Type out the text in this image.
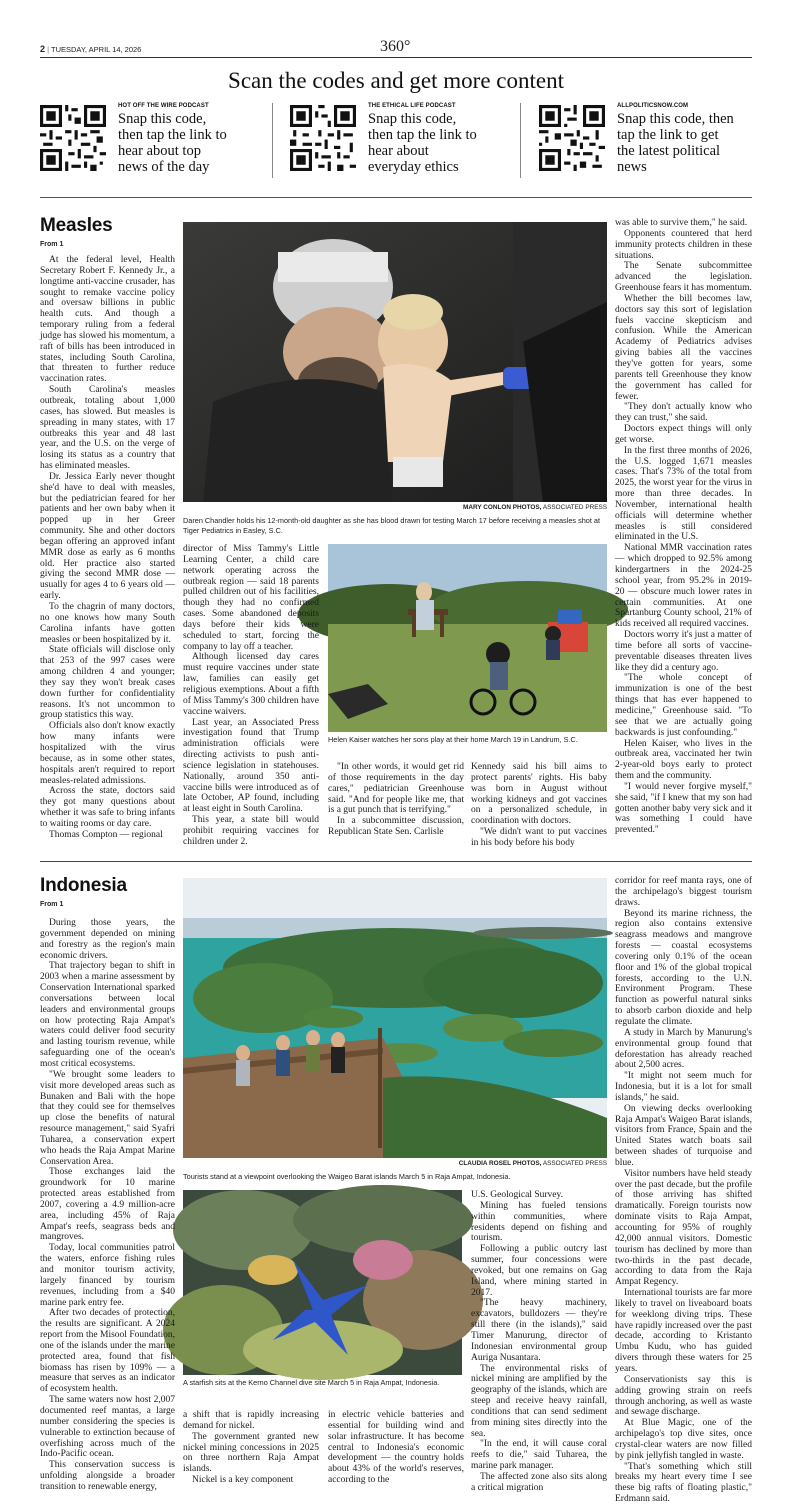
2 | TUESDAY, APRIL 14, 2026	360°
Scan the codes and get more content
HOT OFF THE WIRE PODCAST
Snap this code, then tap the link to hear about top news of the day
THE ETHICAL LIFE PODCAST
Snap this code, then tap the link to hear about everyday ethics
ALLPOLITICSNOW.COM
Snap this code, then tap the link to get the latest political news
Measles
From 1
MARY CONLON PHOTOS, ASSOCIATED PRESS
Daren Chandler holds his 12-month-old daughter as she has blood drawn for testing March 17 before receiving a measles shot at Tiger Pediatrics in Easley, S.C.
Helen Kaiser watches her sons play at their home March 19 in Landrum, S.C.

At the federal level, Health Secretary Robert F. Kennedy Jr., a longtime anti-vaccine crusader, has sought to remake vaccine policy and oversaw billions in public health cuts. And though a temporary ruling from a federal judge has slowed his momentum, a raft of bills has been introduced in states, including South Carolina, that threaten to further reduce vaccination rates.

South Carolina's measles outbreak, totaling about 1,000 cases, has slowed. But measles is spreading in many states, with 17 outbreaks this year and 48 last year, and the U.S. on the verge of losing its status as a country that has eliminated measles.

Dr. Jessica Early never thought she'd have to deal with measles, but the pediatrician feared for her patients and her own baby when it popped up in her Greer community. She and other doctors began offering an approved infant MMR dose as early as 6 months old. Her practice also started giving the second MMR dose — usually for ages 4 to 6 years old — early.

To the chagrin of many doctors, no one knows how many South Carolina infants have gotten measles or been hospitalized by it.

State officials will disclose only that 253 of the 997 cases were among children 4 and younger; they say they won't break cases down further for confidentiality reasons. It's not uncommon to group statistics this way.

Officials also don't know exactly how many infants were hospitalized with the virus because, as in some other states, hospitals aren't required to report measles-related admissions.

Across the state, doctors said they got many questions about whether it was safe to bring infants to waiting rooms or day care.

Thomas Compton — regional

director of Miss Tammy's Little Learning Center, a child care network operating across the outbreak region — said 18 parents pulled children out of his facilities, though they had no confirmed cases. Some abandoned deposits days before their kids were scheduled to start, forcing the company to lay off a teacher.

Although licensed day cares must require vaccines under state law, families can easily get religious exemptions. About a fifth of Miss Tammy's 300 children have vaccine waivers.

Last year, an Associated Press investigation found that Trump administration officials were directing activists to push anti-science legislation in statehouses. Nationally, around 350 anti-vaccine bills were introduced as of late October, AP found, including at least eight in South Carolina.

This year, a state bill would prohibit requiring vaccines for children under 2.

"In other words, it would get rid of those requirements in the day cares," pediatrician Greenhouse said. "And for people like me, that is a gut punch that is terrifying."

In a subcommittee discussion, Republican State Sen. Carlisle

Kennedy said his bill aims to protect parents' rights. His baby was born in August without working kidneys and got vaccines on a personalized schedule, in coordination with doctors.

"We didn't want to put vaccines in his body before his body

was able to survive them," he said.

Opponents countered that herd immunity protects children in these situations.

The Senate subcommittee advanced the legislation. Greenhouse fears it has momentum.

Whether the bill becomes law, doctors say this sort of legislation fuels vaccine skepticism and confusion. While the American Academy of Pediatrics advises giving babies all the vaccines they've gotten for years, some parents tell Greenhouse they know the government has called for fewer.

"They don't actually know who they can trust," she said.

Doctors expect things will only get worse.

In the first three months of 2026, the U.S. logged 1,671 measles cases. That's 73% of the total from 2025, the worst year for the virus in more than three decades. In November, international health officials will determine whether measles is still considered eliminated in the U.S.

National MMR vaccination rates — which dropped to 92.5% among kindergartners in the 2024-25 school year, from 95.2% in 2019-20 — obscure much lower rates in certain communities. At one Spartanburg County school, 21% of kids received all required vaccines.

Doctors worry it's just a matter of time before all sorts of vaccine-preventable diseases threaten lives like they did a century ago.

"The whole concept of immunization is one of the best things that has ever happened to medicine," Greenhouse said. "To see that we are actually going backwards is just confounding."

Helen Kaiser, who lives in the outbreak area, vaccinated her twin 2-year-old boys early to protect them and the community.

"I would never forgive myself," she said, "if I knew that my son had gotten another baby very sick and it was something I could have prevented."

Indonesia
From 1
CLAUDIA ROSEL PHOTOS, ASSOCIATED PRESS
Tourists stand at a viewpoint overlooking the Waigeo Barat islands March 5 in Raja Ampat, Indonesia.
A starfish sits at the Kerno Channel dive site March 5 in Raja Ampat, Indonesia.

During those years, the government depended on mining and forestry as the region's main economic drivers.

That trajectory began to shift in 2003 when a marine assessment by Conservation International sparked conversations between local leaders and environmental groups on how protecting Raja Ampat's waters could deliver food security and lasting tourism revenue, while safeguarding one of the ocean's most critical ecosystems.

"We brought some leaders to visit more developed areas such as Bunaken and Bali with the hope that they could see for themselves up close the benefits of natural resource management," said Syafri Tuharea, a conservation expert who heads the Raja Ampat Marine Conservation Area.

Those exchanges laid the groundwork for 10 marine protected areas established from 2007, covering a 4.9 million-acre area, including 45% of Raja Ampat's reefs, seagrass beds and mangroves.

Today, local communities patrol the waters, enforce fishing rules and monitor tourism activity, largely financed by tourism revenues, including from a $40 marine park entry fee.

After two decades of protection, the results are significant. A 2024 report from the Misool Foundation, one of the islands under the marine protected area, found that fish biomass has risen by 109% — a measure that serves as an indicator of ecosystem health.

The same waters now host 2,007 documented reef mantas, a large number considering the species is vulnerable to extinction because of overfishing across much of the Indo-Pacific ocean.

This conservation success is unfolding alongside a broader transition to renewable energy,

a shift that is rapidly increasing demand for nickel.

The government granted new nickel mining concessions in 2025 on three northern Raja Ampat islands.

Nickel is a key component

in electric vehicle batteries and essential for building wind and solar infrastructure. It has become central to Indonesia's economic development — the country holds about 43% of the world's reserves, according to the

U.S. Geological Survey.

Mining has fueled tensions within communities, where residents depend on fishing and tourism.

Following a public outcry last summer, four concessions were revoked, but one remains on Gag Island, where mining started in 2017.

"The heavy machinery, excavators, bulldozers — they're still there (in the islands)," said Timer Manurung, director of Indonesian environmental group Auriga Nusantara.

The environmental risks of nickel mining are amplified by the geography of the islands, which are steep and receive heavy rainfall, conditions that can send sediment from mining sites directly into the sea.

"In the end, it will cause coral reefs to die," said Tuharea, the marine park manager.

The affected zone also sits along a critical migration

corridor for reef manta rays, one of the archipelago's biggest tourism draws.

Beyond its marine richness, the region also contains extensive seagrass meadows and mangrove forests — coastal ecosystems covering only 0.1% of the ocean floor and 1% of the global tropical forests, according to the U.N. Environment Program. These function as powerful natural sinks to absorb carbon dioxide and help regulate the climate.

A study in March by Manurung's environmental group found that deforestation has already reached about 2,500 acres.

"It might not seem much for Indonesia, but it is a lot for small islands," he said.

On viewing decks overlooking Raja Ampat's Waigeo Barat islands, visitors from France, Spain and the United States watch boats sail between shades of turquoise and blue.

Visitor numbers have held steady over the past decade, but the profile of those arriving has shifted dramatically. Foreign tourists now dominate visits to Raja Ampat, accounting for 95% of roughly 42,000 annual visitors. Domestic tourism has declined by more than two-thirds in the past decade, according to data from the Raja Ampat Regency.

International tourists are far more likely to travel on liveaboard boats for weeklong diving trips. These have rapidly increased over the past decade, according to Kristanto Umbu Kudu, who has guided divers through these waters for 25 years.

Conservationists say this is adding growing strain on reefs through anchoring, as well as waste and sewage discharge.

At Blue Magic, one of the archipelago's top dive sites, once crystal-clear waters are now filled by pink jellyfish tangled in waste.

"That's something which still breaks my heart every time I see these big rafts of floating plastic," Erdmann said.
